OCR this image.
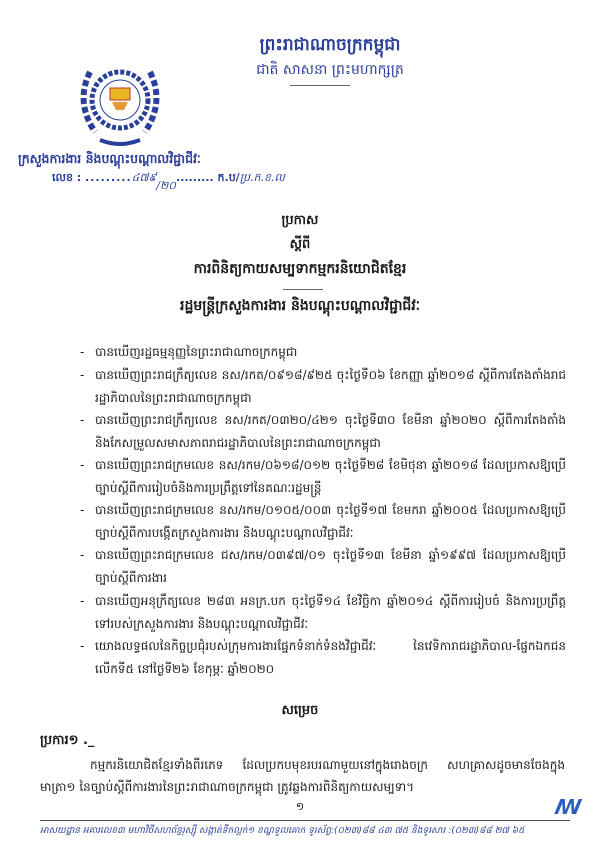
ព្រះរាជាណាចក្រកម្ពុជា
ជាតិ សាសនា ព្រះមហាក្សត្រ
ក្រសួងការងារ និងបណ្តុះបណ្តាលវិជ្ជាជីវៈ
លេខ : .........៤៧៩/២០......... ក.ប/ប្រ.ក.ខ.ល
ប្រកាស
ស្តីពី
ការពិនិត្យកាយសម្បទាកម្មករនិយោជិតខ្មែរ
រដ្ឋមន្ត្រីក្រសួងការងារ និងបណ្តុះបណ្តាលវិជ្ជាជីវៈ
- បានឃើញរដ្ឋធម្មនុញ្ញនៃព្រះរាជាណាចក្រកម្ពុជា
- បានឃើញព្រះរាជក្រឹត្យលេខ នស/រកត/០៩១៨/៩២៥ ចុះថ្ងៃទី០៦ ខែកញ្ញា ឆ្នាំ២០១៨ ស្តីពីការតែងតាំងរាជរដ្ឋាភិបាលនៃព្រះរាជាណាចក្រកម្ពុជា
- បានឃើញព្រះរាជក្រឹត្យលេខ នស/រកត/០៣២០/៤២១ ចុះថ្ងៃទី៣០ ខែមីនា ឆ្នាំ២០២០ ស្តីពីការតែងតាំង និងកែសម្រួលសមាសភាពរាជរដ្ឋាភិបាលនៃព្រះរាជាណាចក្រកម្ពុជា
- បានឃើញព្រះរាជក្រមលេខ នស/រកម/០៦១៨/០១២ ចុះថ្ងៃទី២៨ ខែមិថុនា ឆ្នាំ២០១៨ ដែលប្រកាសឱ្យប្រើច្បាប់ស្តីពីការរៀបចំនិងការប្រព្រឹត្តទៅនៃគណៈរដ្ឋមន្ត្រី
- បានឃើញព្រះរាជក្រមលេខ នស/រកម/០១០៥/០០៣ ចុះថ្ងៃទី១៧ ខែមករា ឆ្នាំ២០០៥ ដែលប្រកាសឱ្យប្រើច្បាប់ស្តីពីការបង្កើតក្រសួងការងារ និងបណ្តុះបណ្តាលវិជ្ជាជីវៈ
- បានឃើញព្រះរាជក្រមលេខ ជស/រកម/០៣៩៧/០១ ចុះថ្ងៃទី១៣ ខែមីនា ឆ្នាំ១៩៩៧ ដែលប្រកាសឱ្យប្រើច្បាប់ស្តីពីការងារ
- បានឃើញអនុក្រឹត្យលេខ ២៨៣ អនក្រ.បក ចុះថ្ងៃទី១៤ ខែវិច្ឆិកា ឆ្នាំ២០១៤ ស្តីពីការរៀបចំ និងការប្រព្រឹត្តទៅរបស់ក្រសួងការងារ និងបណ្តុះបណ្តាលវិជ្ជាជីវៈ
- យោងលទ្ធផលនៃកិច្ចប្រជុំរបស់ក្រុមការងារផ្នែកទំនាក់ទំនងវិជ្ជាជីវៈ នៃវេទិការាជរដ្ឋាភិបាល-ផ្នែកឯកជនលើកទី៥ នៅថ្ងៃទី២៦ ខែកុម្ភៈ ឆ្នាំ២០២០
សម្រេច
ប្រការ១ ._
កម្មករនិយោជិតខ្មែរទាំងពីរភេទ ដែលប្រកបមុខរបរណាមួយនៅក្នុងរោងចក្រ សហគ្រាសដូចមានចែងក្នុងមាត្រា១ នៃច្បាប់ស្តីពីការងារនៃព្រះរាជាណាចក្រកម្ពុជា ត្រូវឆ្លងការពិនិត្យកាយសម្បទា។
១	ꟿ
អាសយដ្ឋាន អគារលេខ៣ មហាវិថីសហព័ន្ធរុស្ស៊ី សង្កាត់ទឹកល្អក់១ ខណ្ឌទួលគោក ទូរស័ព្ទ:(០២៣)៨៨ ៤៣ ៧៥ និងទូរសារ :(០២៣)៨៨ ២៧ ៦៥
